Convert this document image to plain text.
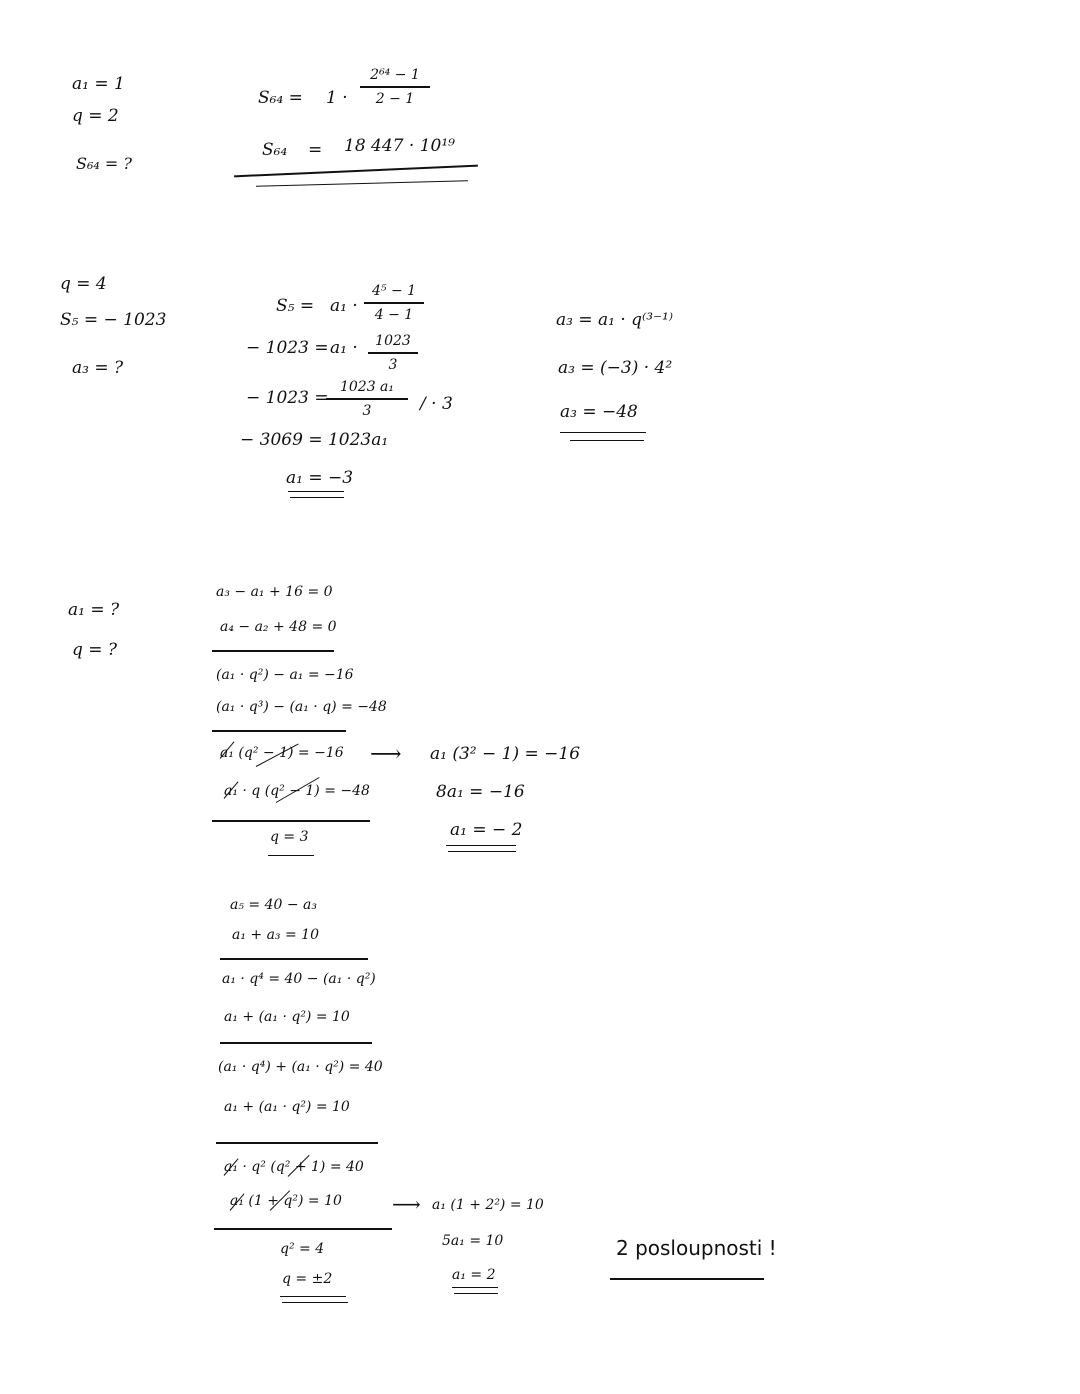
a₁ = 1
q = 2
S₆₄ = ?
$S_{64} = 1 \cdot \frac{\text{2⁶⁴ − 1}}{2 - 1}$
S₆₄ = 18 447 · 10¹⁹
q = 4
S₅ = − 1023
a₃ = ?
$S_5 = a_1 \cdot \frac{\text{4⁵ − 1}}{4 - 1}$
− $1023 = a_1 \cdot \frac{1023}{3}$
− 1023 =
$\frac{\text{1023 a₁}}{3}$ / · 3
− 3069 = 1023a₁
a₁ = −3
a₃ = a₁ · q⁽³⁻¹⁾
a₃ = (−3) · 4²
a₃ = −48
a₁ = ?
q = ?
a₃ − a₁ + 16 = 0
a₄ − a₂ + 48 = 0
(a₁ · q²) − a₁ = −16
(a₁ · q³) − (a₁ · q) = −48
a₁ (q² − 1) = −16
a₁ · q (q² − 1) = −48
q = 3
⟶ a₁ (3² − 1) = −16
8a₁ = −16
a₁ = − 2
a₅ = 40 − a₃
a₁ + a₃ = 10
a₁ · q⁴ = 40 − (a₁ · q²)
a₁ + (a₁ · q²) = 10
(a₁ · q⁴) + (a₁ · q²) = 40
a₁ + (a₁ · q²) = 10
a₁ · q² (q² + 1) = 40
a₁ (1 + q²) = 10
q² = 4
q = ±2
⟶ a₁ (1 + 2²) = 10
5a₁ = 10
a₁ = 2
2 posloupnosti !
